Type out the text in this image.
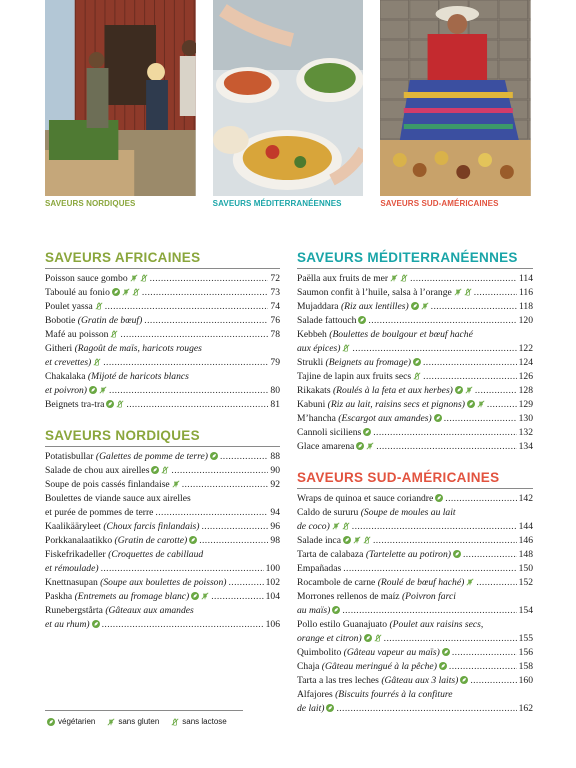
SAVEURS NORDIQUES	SAVEURS MÉDITERRANÉENNES	SAVEURS SUD-AMÉRICAINES
SAVEURS AFRICAINES
Poisson sauce gombo .....	72
Taboulé au fonio .....	73
Poulet yassa .....	74
Bobotie (Gratin de bœuf) .....	76
Mafé au poisson .....	78
Githeri (Ragoût de maïs, haricots rouges
et crevettes) .....	79
Chakalaka (Mijoté de haricots blancs
et poivron) .....	80
Beignets tra-tra .....	81
SAVEURS NORDIQUES
Potatisbullar (Galettes de pomme de terre) .....	88
Salade de chou aux airelles .....	90
Soupe de pois cassés finlandaise .....	92
Boulettes de viande sauce aux airelles
et purée de pommes de terre .....	94
Kaalikääryleet (Choux farcis finlandais) .....	96
Porkkanalaatikko (Gratin de carotte) .....	98
Fiskefrikadeller (Croquettes de cabillaud
et rémoulade) .....	100
Knettnasupan (Soupe aux boulettes de poisson) .....	102
Paskha (Entremets au fromage blanc) .....	104
Runebergstårta (Gâteaux aux amandes
et au rhum) .....	106
SAVEURS MÉDITERRANÉENNES
Paëlla aux fruits de mer .....	114
Saumon confit à l’huile, salsa à l’orange .....	116
Mujaddara (Riz aux lentilles) .....	118
Salade fattouch .....	120
Kebbeh (Boulettes de boulgour et bœuf haché
aux épices) .....	122
Strukli (Beignets au fromage) .....	124
Tajine de lapin aux fruits secs .....	126
Rikakats (Roulés à la feta et aux herbes) .....	128
Kabuni (Riz au lait, raisins secs et pignons) .....	129
M’hancha (Escargot aux amandes) .....	130
Cannoli siciliens .....	132
Glace amarena .....	134
SAVEURS SUD-AMÉRICAINES
Wraps de quinoa et sauce coriandre .....	142
Caldo de sururu (Soupe de moules au lait
de coco) .....	144
Salade inca .....	146
Tarta de calabaza (Tartelette au potiron) .....	148
Empañadas .....	150
Rocambole de carne (Roulé de bœuf haché) .....	152
Morrones rellenos de maíz (Poivron farci
au maïs) .....	154
Pollo estilo Guanajuato (Poulet aux raisins secs,
orange et citron) .....	155
Quimbolito (Gâteau vapeur au maïs) .....	156
Chaja (Gâteau meringué à la pêche) .....	158
Tarta a las tres leches (Gâteau aux 3 laits) .....	160
Alfajores (Biscuits fourrés à la confiture
de lait) .....	162
végétarien	sans gluten	sans lactose
